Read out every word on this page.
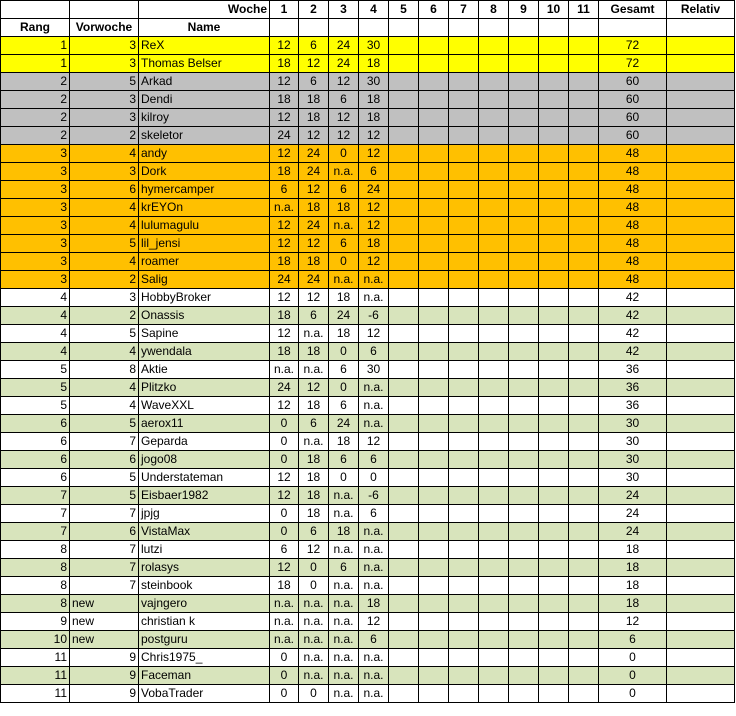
		Woche	1	2	3	4	5	6	7	8	9	10	11	Gesamt	Relativ
Rang	Vorwoche	Name													
1	3	ReX	12	6	24	30								72	
1	3	Thomas Belser	18	12	24	18								72	
2	5	Arkad	12	6	12	30								60	
2	3	Dendi	18	18	6	18								60	
2	3	kilroy	12	18	12	18								60	
2	2	skeletor	24	12	12	12								60	
3	4	andy	12	24	0	12								48	
3	3	Dork	18	24	n.a.	6								48	
3	6	hymercamper	6	12	6	24								48	
3	4	krEYOn	n.a.	18	18	12								48	
3	4	lulumagulu	12	24	n.a.	12								48	
3	5	lil_jensi	12	12	6	18								48	
3	4	roamer	18	18	0	12								48	
3	2	Salig	24	24	n.a.	n.a.								48	
4	3	HobbyBroker	12	12	18	n.a.								42	
4	2	Onassis	18	6	24	-6								42	
4	5	Sapine	12	n.a.	18	12								42	
4	4	ywendala	18	18	0	6								42	
5	8	Aktie	n.a.	n.a.	6	30								36	
5	4	Plitzko	24	12	0	n.a.								36	
5	4	WaveXXL	12	18	6	n.a.								36	
6	5	aerox11	0	6	24	n.a.								30	
6	7	Geparda	0	n.a.	18	12								30	
6	6	jogo08	0	18	6	6								30	
6	5	Understateman	12	18	0	0								30	
7	5	Eisbaer1982	12	18	n.a.	-6								24	
7	7	jpjg	0	18	n.a.	6								24	
7	6	VistaMax	0	6	18	n.a.								24	
8	7	lutzi	6	12	n.a.	n.a.								18	
8	7	rolasys	12	0	6	n.a.								18	
8	7	steinbook	18	0	n.a.	n.a.								18	
8	new	vajngero	n.a.	n.a.	n.a.	18								18	
9	new	christian k	n.a.	n.a.	n.a.	12								12	
10	new	postguru	n.a.	n.a.	n.a.	6								6	
11	9	Chris1975_	0	n.a.	n.a.	n.a.								0	
11	9	Faceman	0	n.a.	n.a.	n.a.								0	
11	9	VobaTrader	0	0	n.a.	n.a.								0	
